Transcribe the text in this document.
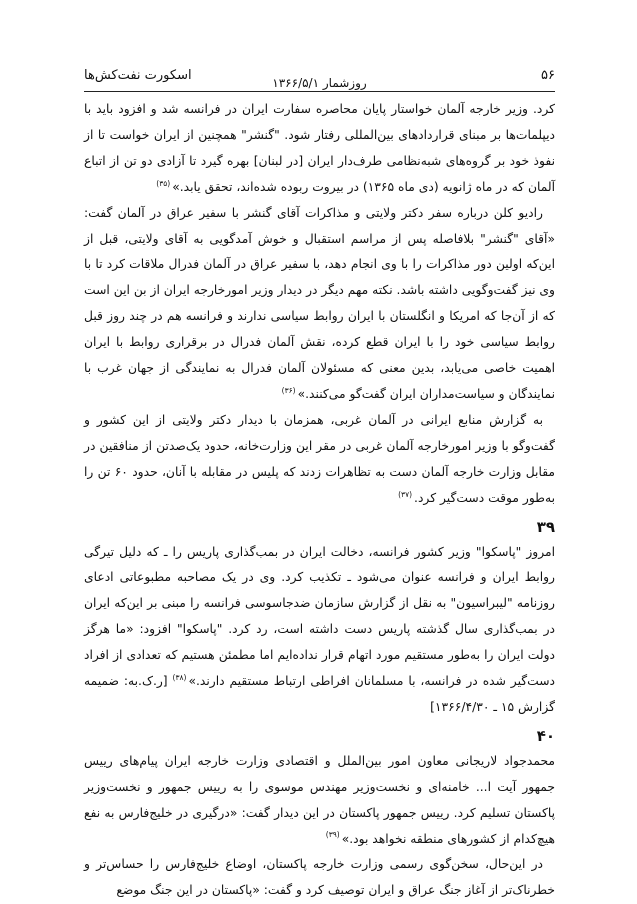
اسکورت نفت‌کش‌ها	روزشمار ۱۳۶۶/۵/۱	۵۶

کرد. وزیر خارجه آلمان خواستار پایان محاصره سفارت ایران در فرانسه شد و افزود باید با دیپلمات‌ها بر مبنای قراردادهای بین‌المللی رفتار شود. "گنشر" همچنین از ایران خواست تا از نفوذ خود بر گروه‌های شبه‌نظامی طرف‌دار ایران [در لبنان] بهره گیرد تا آزادی دو تن از اتباع آلمان که در ماه ژانویه (دی ماه ۱۳۶۵) در بیروت ربوده شده‌اند، تحقق یابد.»$^{(۳۵)}$

رادیو کلن درباره سفر دکتر ولایتی و مذاکرات آقای گنشر با سفیر عراق در آلمان گفت: «آقای "گنشر" بلافاصله پس از مراسم استقبال و خوش آمدگویی به آقای ولایتی، قبل از این‌که اولین دور مذاکرات را با وی انجام دهد، با سفیر عراق در آلمان فدرال ملاقات کرد تا با وی نیز گفت‌وگویی داشته باشد. نکته مهم دیگر در دیدار وزیر امورخارجه ایران از بن این است که از آن‌جا که امریکا و انگلستان با ایران روابط سیاسی ندارند و فرانسه هم در چند روز قبل روابط سیاسی خود را با ایران قطع کرده، نقش آلمان فدرال در برقراری روابط با ایران اهمیت خاصی می‌یابد، بدین معنی که مسئولان آلمان فدرال به نمایندگی از جهان غرب با نمایندگان و سیاست‌مداران ایران گفت‌گو می‌کنند.»$^{(۳۶)}$

به گزارش منابع ایرانی در آلمان غربی، همزمان با دیدار دکتر ولایتی از این کشور و گفت‌وگو با وزیر امورخارجه آلمان غربی در مقر این وزارت‌خانه، حدود یک‌صدتن از منافقین در مقابل وزارت خارجه آلمان دست به تظاهرات زدند که پلیس در مقابله با آنان، حدود ۶۰ تن را به‌طور موقت دست‌گیر کرد.$^{(۳۷)}$

۳۹

امروز "پاسکوا" وزیر کشور فرانسه، دخالت ایران در بمب‌گذاری پاریس را ـ که دلیل تیرگی روابط ایران و فرانسه عنوان می‌شود ـ تکذیب کرد. وی در یک مصاحبه مطبوعاتی ادعای روزنامه "لیبراسیون" به نقل از گزارش سازمان ضدجاسوسی فرانسه را مبنی بر این‌که ایران در بمب‌گذاری سال گذشته پاریس دست داشته است، رد کرد. "پاسکوا" افزود: «ما هرگز دولت ایران را به‌طور مستقیم مورد اتهام قرار نداده‌ایم اما مطمئن هستیم که تعدادی از افراد دست‌گیر شده در فرانسه، با مسلمانان افراطی ارتباط مستقیم دارند.»$^{(۳۸)}$ [ر.ک.به: ضمیمه گزارش ۱۵ ـ ۱۳۶۶/۴/۳۰]

۴۰

محمدجواد لاریجانی معاون امور بین‌الملل و اقتصادی وزارت خارجه ایران پیام‌های رییس جمهور آیت ا... خامنه‌ای و نخست‌وزیر مهندس موسوی را به رییس جمهور و نخست‌وزیر پاکستان تسلیم کرد. رییس جمهور پاکستان در این دیدار گفت: «درگیری در خلیج‌فارس به نفع هیچ‌کدام از کشورهای منطقه نخواهد بود.»$^{(۳۹)}$

در این‌حال، سخن‌گوی رسمی وزارت خارجه پاکستان، اوضاع خلیج‌فارس را حساس‌تر و خطرناک‌تر از آغاز جنگ عراق و ایران توصیف کرد و گفت: «پاکستان در این جنگ موضع
